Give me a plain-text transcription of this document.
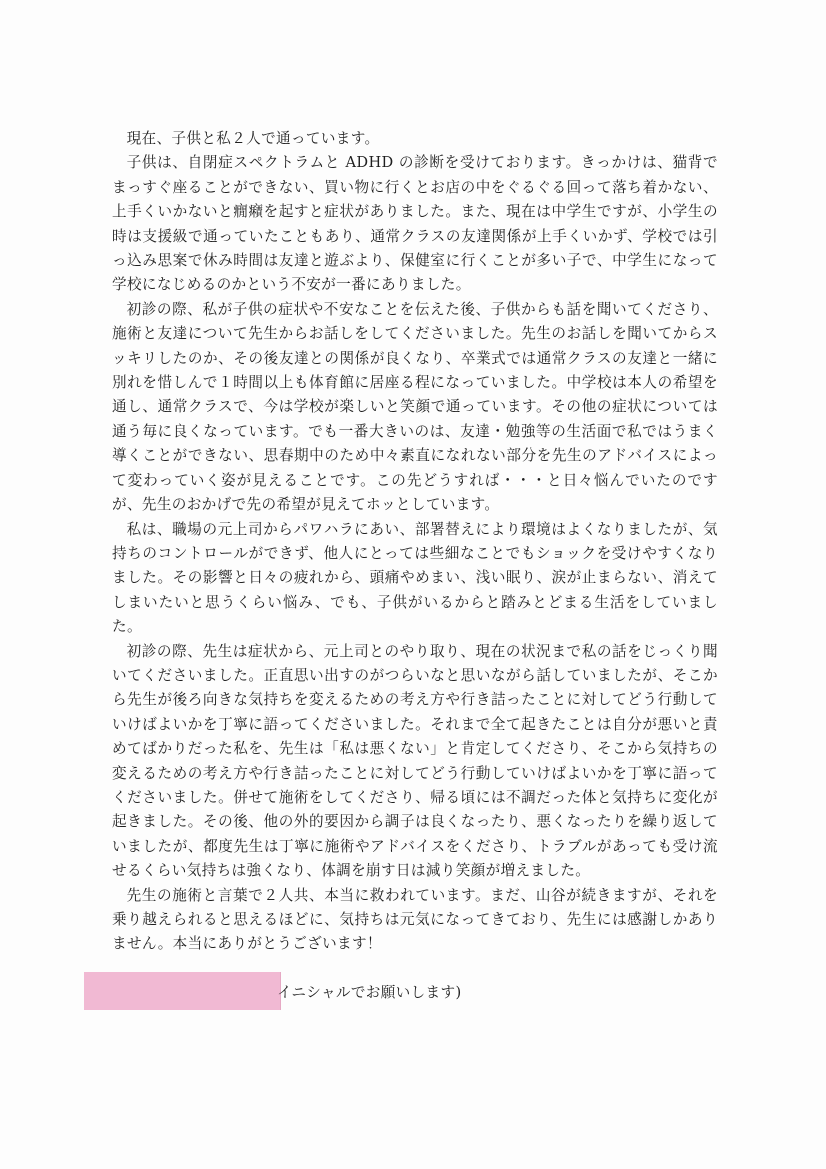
現在、子供と私２人で通っています。

子供は、自閉症スペクトラムと ADHD の診断を受けております。きっかけは、猫背でまっすぐ座ることができない、買い物に行くとお店の中をぐるぐる回って落ち着かない、上手くいかないと癇癪を起すと症状がありました。また、現在は中学生ですが、小学生の時は支援級で通っていたこともあり、通常クラスの友達関係が上手くいかず、学校では引っ込み思案で休み時間は友達と遊ぶより、保健室に行くことが多い子で、中学生になって学校になじめるのかという不安が一番にありました。

初診の際、私が子供の症状や不安なことを伝えた後、子供からも話を聞いてくださり、施術と友達について先生からお話しをしてくださいました。先生のお話しを聞いてからスッキリしたのか、その後友達との関係が良くなり、卒業式では通常クラスの友達と一緒に別れを惜しんで１時間以上も体育館に居座る程になっていました。中学校は本人の希望を通し、通常クラスで、今は学校が楽しいと笑顔で通っています。その他の症状については通う毎に良くなっています。でも一番大きいのは、友達・勉強等の生活面で私ではうまく導くことができない、思春期中のため中々素直になれない部分を先生のアドバイスによって変わっていく姿が見えることです。この先どうすれば・・・と日々悩んでいたのですが、先生のおかげで先の希望が見えてホッとしています。

私は、職場の元上司からパワハラにあい、部署替えにより環境はよくなりましたが、気持ちのコントロールができず、他人にとっては些細なことでもショックを受けやすくなりました。その影響と日々の疲れから、頭痛やめまい、浅い眠り、涙が止まらない、消えてしまいたいと思うくらい悩み、でも、子供がいるからと踏みとどまる生活をしていました。

初診の際、先生は症状から、元上司とのやり取り、現在の状況まで私の話をじっくり聞いてくださいました。正直思い出すのがつらいなと思いながら話していましたが、そこから先生が後ろ向きな気持ちを変えるための考え方や行き詰ったことに対してどう行動していけばよいかを丁寧に語ってくださいました。それまで全て起きたことは自分が悪いと責めてばかりだった私を、先生は「私は悪くない」と肯定してくださり、そこから気持ちの変えるための考え方や行き詰ったことに対してどう行動していけばよいかを丁寧に語ってくださいました。併せて施術をしてくださり、帰る頃には不調だった体と気持ちに変化が起きました。その後、他の外的要因から調子は良くなったり、悪くなったりを繰り返していましたが、都度先生は丁寧に施術やアドバイスをくださり、トラブルがあっても受け流せるくらい気持ちは強くなり、体調を崩す日は減り笑顔が増えました。

先生の施術と言葉で２人共、本当に救われています。まだ、山谷が続きますが、それを乗り越えられると思えるほどに、気持ちは元気になってきており、先生には感謝しかありません。本当にありがとうございます！

イニシャルでお願いします)
